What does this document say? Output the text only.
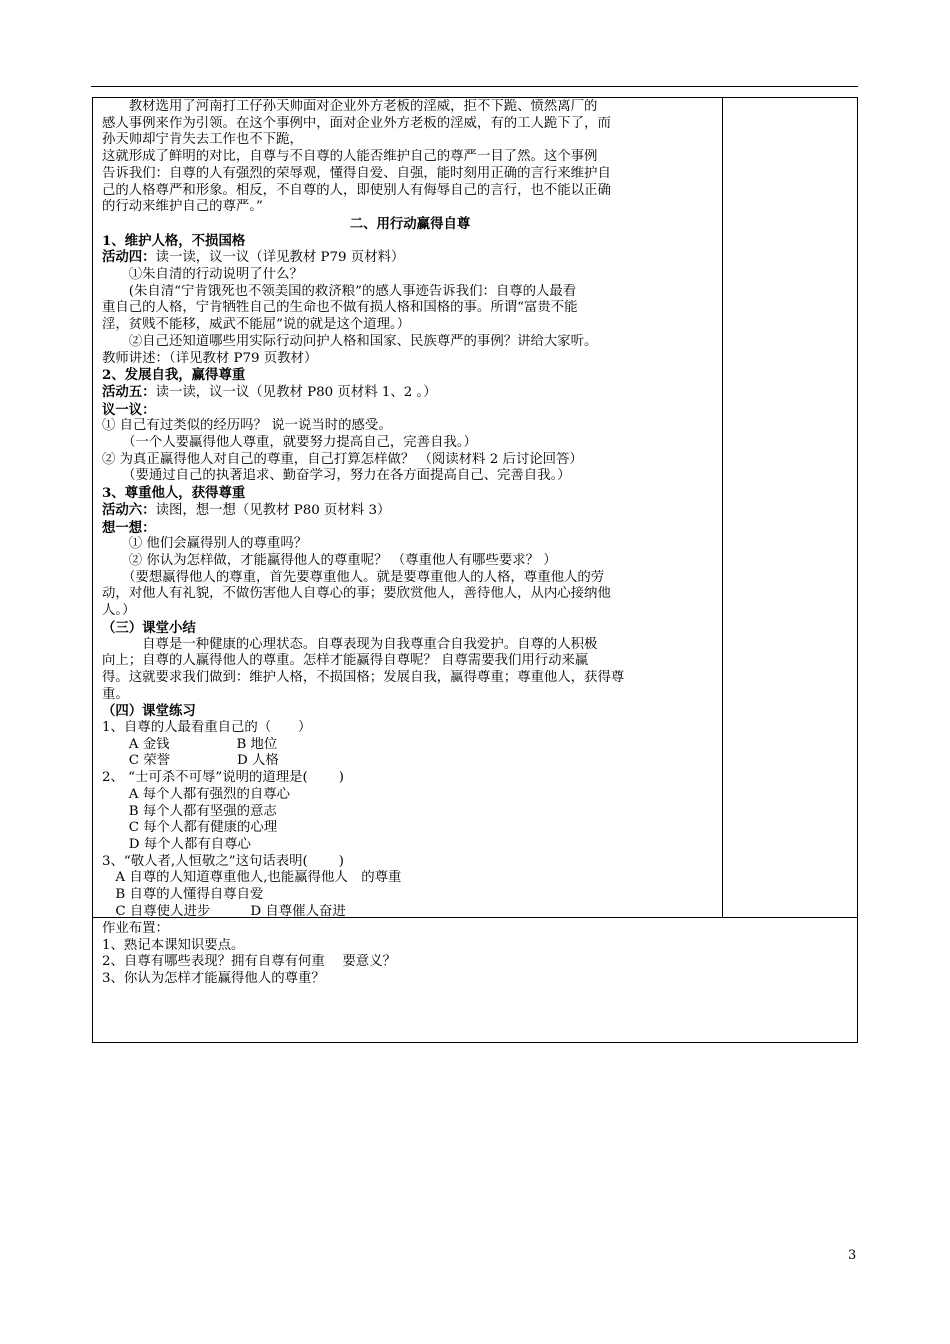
　　教材选用了河南打工仔孙天帅面对企业外方老板的淫威，拒不下跪、愤然离厂的
感人事例来作为引领。在这个事例中，面对企业外方老板的淫威，有的工人跪下了，而
孙天帅却宁肯失去工作也不下跪，
这就形成了鲜明的对比，自尊与不自尊的人能否维护自己的尊严一目了然。这个事例
告诉我们：自尊的人有强烈的荣辱观，懂得自爱、自强，能时刻用正确的言行来维护自
己的人格尊严和形象。相反，不自尊的人，即使别人有侮辱自己的言行，也不能以正确
的行动来维护自己的尊严。”
二、用行动赢得自尊
1、维护人格，不损国格
活动四：读一读，议一议（详见教材 P79 页材料）
　　①朱自清的行动说明了什么？
　　(朱自清“宁肯饿死也不领美国的救济粮”的感人事迹告诉我们：自尊的人最看
重自己的人格，宁肯牺牲自己的生命也不做有损人格和国格的事。所谓“富贵不能
淫，贫贱不能移，威武不能屈”说的就是这个道理。）
　　②自己还知道哪些用实际行动问护人格和国家、民族尊严的事例？讲给大家听。
教师讲述：（详见教材 P79 页教材）
2、发展自我，赢得尊重
活动五：读一读，议一议（见教材 P80 页材料 1、2 。）
议一议：
① 自己有过类似的经历吗？ 说一说当时的感受。
　　（一个人要赢得他人尊重，就要努力提高自己，完善自我。）
② 为真正赢得他人对自己的尊重，自己打算怎样做？ （阅读材料 2 后讨论回答）
　　（要通过自己的执著追求、勤奋学习，努力在各方面提高自己、完善自我。）
3、尊重他人，获得尊重
活动六：读图，想一想（见教材 P80 页材料 3）
想一想：
　　① 他们会赢得别人的尊重吗？
　　② 你认为怎样做，才能赢得他人的尊重呢？ （尊重他人有哪些要求？ ）
　　（要想赢得他人的尊重，首先要尊重他人。就是要尊重他人的人格，尊重他人的劳
动，对他人有礼貌，不做伤害他人自尊心的事；要欣赏他人，善待他人，从内心接纳他
人。）
（三）课堂小结
　　　自尊是一种健康的心理状态。自尊表现为自我尊重合自我爱护。自尊的人积极
向上；自尊的人赢得他人的尊重。怎样才能赢得自尊呢？ 自尊需要我们用行动来赢
得。这就要求我们做到：维护人格，不损国格；发展自我，赢得尊重；尊重他人，获得尊
重。
（四）课堂练习
1、自尊的人最看重自己的（　　）
　　A 金钱　　　　　B 地位
　　C 荣誉　　　　　D 人格
2、 “士可杀不可辱”说明的道理是(　　 )
　　A 每个人都有强烈的自尊心
　　B 每个人都有坚强的意志
　　C 每个人都有健康的心理
　　D 每个人都有自尊心
3、“敬人者,人恒敬之”这句话表明(　　 )
　A 自尊的人知道尊重他人,也能赢得他人　的尊重
　B 自尊的人懂得自尊自爱
　C 自尊使人进步　　　D 自尊催人奋进
作业布置：
1、熟记本课知识要点。
2、自尊有哪些表现？拥有自尊有何重　 要意义？
3、你认为怎样才能赢得他人的尊重？
3
